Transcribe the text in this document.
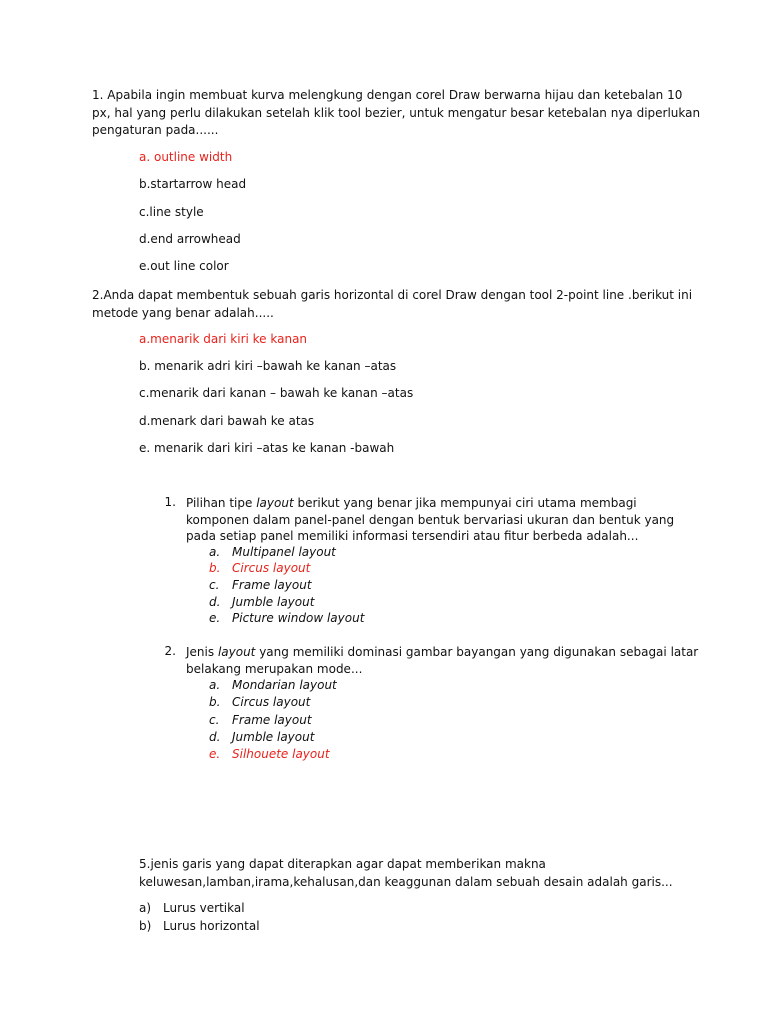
1. Apabila ingin membuat kurva melengkung dengan corel Draw berwarna hijau dan ketebalan 10
px, hal yang perlu dilakukan setelah klik tool bezier, untuk mengatur besar ketebalan nya diperlukan
pengaturan pada......
a. outline width
b.startarrow head
c.line style
d.end arrowhead
e.out line color
2.Anda dapat membentuk sebuah garis horizontal di corel Draw dengan tool 2-point line .berikut ini
metode yang benar adalah.....
a.menarik dari kiri ke kanan
b. menarik adri kiri –bawah ke kanan –atas
c.menarik dari kanan – bawah ke kanan –atas
d.menark dari bawah ke atas
e. menarik dari kiri –atas ke kanan -bawah
1. Pilihan tipe layout berikut yang benar jika mempunyai ciri utama membagi
komponen dalam panel-panel dengan bentuk bervariasi ukuran dan bentuk yang
pada setiap panel memiliki informasi tersendiri atau fitur berbeda adalah...
a. Multipanel layout
b. Circus layout
c. Frame layout
d. Jumble layout
e. Picture window layout
2. Jenis layout yang memiliki dominasi gambar bayangan yang digunakan sebagai latar
belakang merupakan mode...
a. Mondarian layout
b. Circus layout
c. Frame layout
d. Jumble layout
e. Silhouete layout
5.jenis garis yang dapat diterapkan agar dapat memberikan makna
keluwesan,lamban,irama,kehalusan,dan keaggunan dalam sebuah desain adalah garis...
a) Lurus vertikal
b) Lurus horizontal
